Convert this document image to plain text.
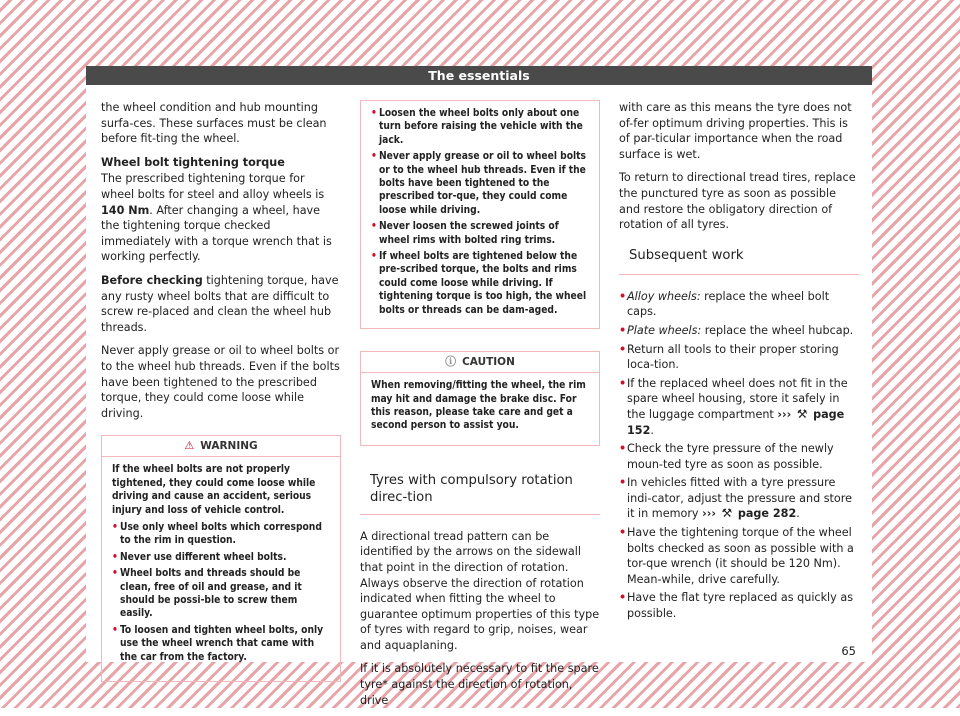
The essentials

the wheel condition and hub mounting surfa-ces. These surfaces must be clean before fit-ting the wheel.

Wheel bolt tightening torque

The prescribed tightening torque for wheel bolts for steel and alloy wheels is 140 Nm. After changing a wheel, have the tightening torque checked immediately with a torque wrench that is working perfectly.

Before checking tightening torque, have any rusty wheel bolts that are difficult to screw re-placed and clean the wheel hub threads.

Never apply grease or oil to wheel bolts or to the wheel hub threads. Even if the bolts have been tightened to the prescribed torque, they could come loose while driving.

⚠ WARNING

If the wheel bolts are not properly tightened, they could come loose while driving and cause an accident, serious injury and loss of vehicle control.

• Use only wheel bolts which correspond to the rim in question.
• Never use different wheel bolts.
• Wheel bolts and threads should be clean, free of oil and grease, and it should be possi-ble to screw them easily.
• To loosen and tighten wheel bolts, only use the wheel wrench that came with the car from the factory.
• Loosen the wheel bolts only about one turn before raising the vehicle with the jack.
• Never apply grease or oil to wheel bolts or to the wheel hub threads. Even if the bolts have been tightened to the prescribed tor-que, they could come loose while driving.
• Never loosen the screwed joints of wheel rims with bolted ring trims.
• If wheel bolts are tightened below the pre-scribed torque, the bolts and rims could come loose while driving. If tightening torque is too high, the wheel bolts or threads can be dam-aged.
ⓘ CAUTION

When removing/fitting the wheel, the rim may hit and damage the brake disc. For this reason, please take care and get a second person to assist you.

Tyres with compulsory rotation direc-tion

A directional tread pattern can be identified by the arrows on the sidewall that point in the direction of rotation. Always observe the direction of rotation indicated when fitting the wheel to guarantee optimum properties of this type of tyres with regard to grip, noises, wear and aquaplaning.

If it is absolutely necessary to fit the spare tyre* against the direction of rotation, drive

with care as this means the tyre does not of-fer optimum driving properties. This is of par-ticular importance when the road surface is wet.

To return to directional tread tires, replace the punctured tyre as soon as possible and restore the obligatory direction of rotation of all tyres.

Subsequent work
• Alloy wheels: replace the wheel bolt caps.
• Plate wheels: replace the wheel hubcap.
• Return all tools to their proper storing loca-tion.
• If the replaced wheel does not fit in the spare wheel housing, store it safely in the luggage compartment ››› ⚒ page 152.
• Check the tyre pressure of the newly moun-ted tyre as soon as possible.
• In vehicles fitted with a tyre pressure indi-cator, adjust the pressure and store it in memory ››› ⚒ page 282.
• Have the tightening torque of the wheel bolts checked as soon as possible with a tor-que wrench (it should be 120 Nm). Mean-while, drive carefully.
• Have the flat tyre replaced as quickly as possible.
65
